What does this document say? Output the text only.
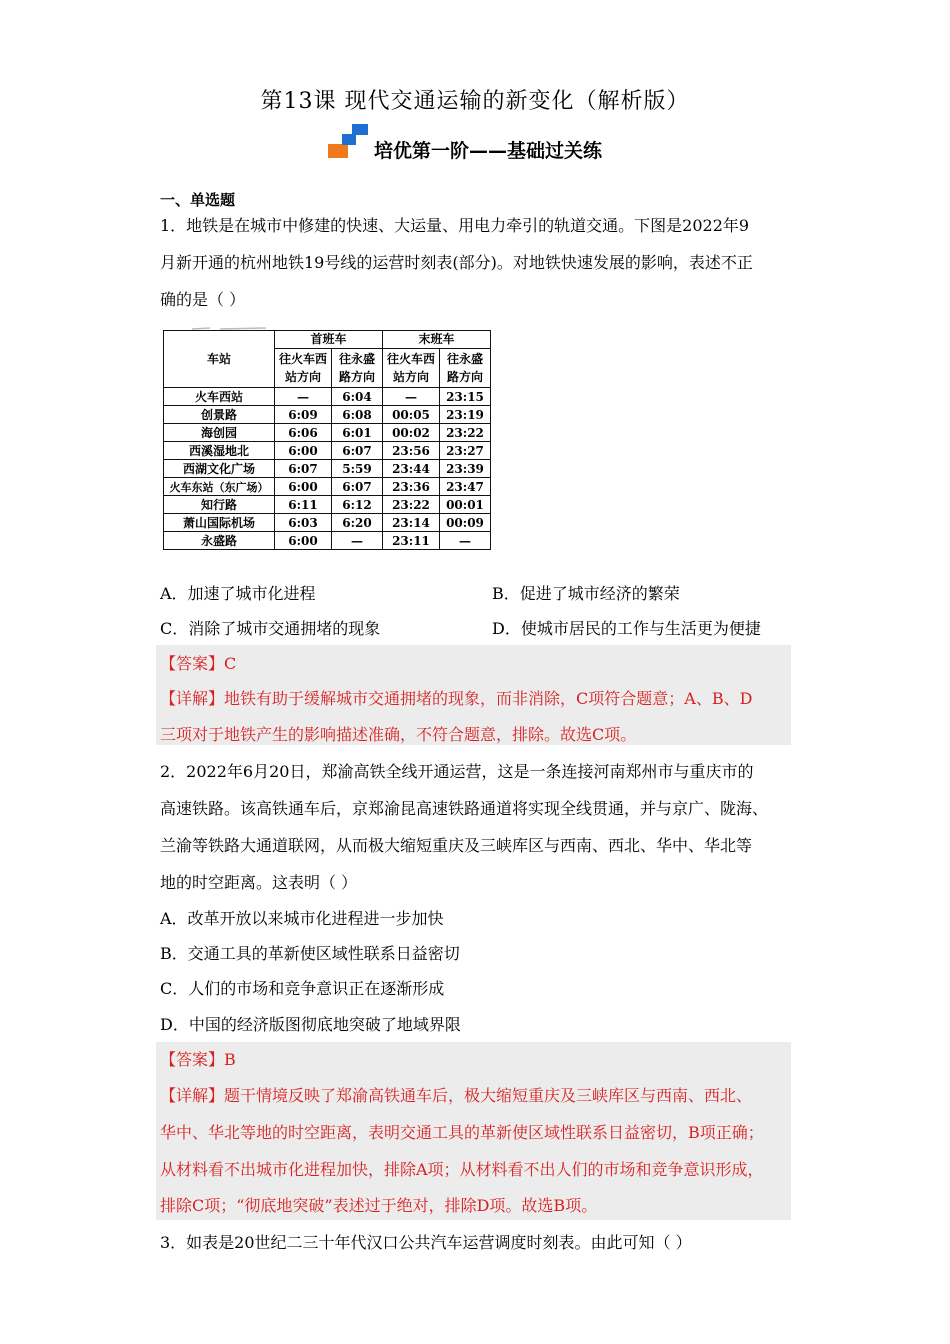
第13课 现代交通运输的新变化（解析版）
培优第一阶——基础过关练
一、单选题
1．地铁是在城市中修建的快速、大运量、用电力牵引的轨道交通。下图是2022年9
月新开通的杭州地铁19号线的运营时刻表(部分)。对地铁快速发展的影响，表述不正
确的是（ ）
车站	首班车		末班车	
	往火车西站方向	往永盛路方向	往火车西站方向	往永盛路方向
火车西站	—	6:04	—	23:15
创景路	6:09	6:08	00:05	23:19
海创园	6:06	6:01	00:02	23:22
西溪湿地北	6:00	6:07	23:56	23:27
西湖文化广场	6:07	5:59	23:44	23:39
火车东站（东广场）	6:00	6:07	23:36	23:47
知行路	6:11	6:12	23:22	00:01
萧山国际机场	6:03	6:20	23:14	00:09
永盛路	6:00	—	23:11	—
A．加速了城市化进程	B．促进了城市经济的繁荣
C．消除了城市交通拥堵的现象	D．使城市居民的工作与生活更为便捷
【答案】C
【详解】地铁有助于缓解城市交通拥堵的现象，而非消除，C项符合题意；A、B、D
三项对于地铁产生的影响描述准确，不符合题意，排除。故选C项。
2．2022年6月20日，郑渝高铁全线开通运营，这是一条连接河南郑州市与重庆市的
高速铁路。该高铁通车后，京郑渝昆高速铁路通道将实现全线贯通，并与京广、陇海、
兰渝等铁路大通道联网，从而极大缩短重庆及三峡库区与西南、西北、华中、华北等
地的时空距离。这表明（ ）
A．改革开放以来城市化进程进一步加快
B．交通工具的革新使区域性联系日益密切
C．人们的市场和竞争意识正在逐渐形成
D．中国的经济版图彻底地突破了地域界限
【答案】B
【详解】题干情境反映了郑渝高铁通车后，极大缩短重庆及三峡库区与西南、西北、
华中、华北等地的时空距离，表明交通工具的革新使区域性联系日益密切，B项正确；
从材料看不出城市化进程加快，排除A项；从材料看不出人们的市场和竞争意识形成，
排除C项；“彻底地突破”表述过于绝对，排除D项。故选B项。
3．如表是20世纪二三十年代汉口公共汽车运营调度时刻表。由此可知（ ）
